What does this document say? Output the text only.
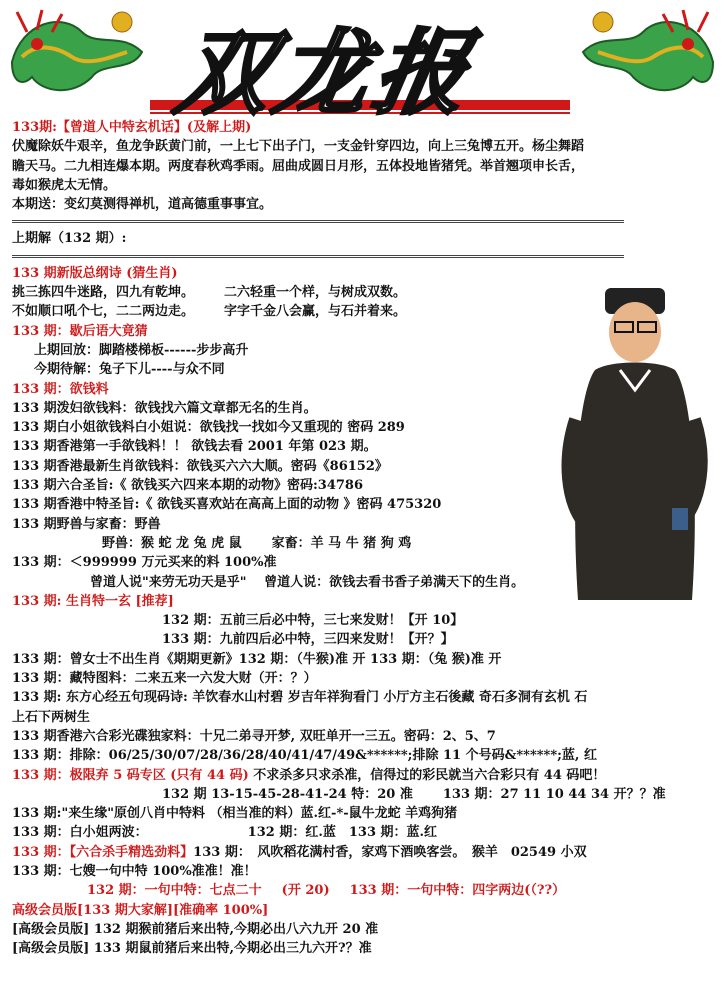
双龙报
133期:【曾道人中特玄机话】(及解上期)
伏魔除妖牛艰辛，鱼龙争跃黄门前，一上七下出子门，一支金针穿四边，向上三兔博五开。杨尘舞蹈
瞻天马。二九相连爆本期。两度春秋鸡季雨。屈曲成圆日月形，五体投地皆猪凭。举首翘项申长舌，
毒如猴虎太无情。
本期送：变幻莫测得禅机，道高德重事事宜。
上期解（132 期）:
133 期新版总纲诗 (猜生肖)
挑三拣四牛迷路，四九有乾坤。 二六轻重一个样，与树成双数。
不如顺口吼个七，二二两边走。 字字千金八会赢，与石并着来。
133 期：歇后语大竟猜
上期回放：脚踏楼梯板------步步高升
今期待解：兔子下儿----与众不同
133 期：欲钱料
133 期泼妇欲钱料：欲钱找六篇文章都无名的生肖。
133 期白小姐欲钱料白小姐说：欲钱找一找如今又重现的 密码 289
133 期香港第一手欲钱料！！ 欲钱去看 2001 年第 023 期。
133 期香港最新生肖欲钱料：欲钱买六六大顺。密码《86152》
133 期六合圣旨:《 欲钱买六四来本期的动物》密码:34786
133 期香港中特圣旨:《 欲钱买喜欢站在高高上面的动物 》密码 475320
133 期野兽与家畜：野兽
野兽：猴 蛇 龙 兔 虎 鼠 家畜：羊 马 牛 猪 狗 鸡
133 期：＜999999 万元买来的料 100%准
曾道人说"来劳无功天是乎"　 曾道人说：欲钱去看书香子弟满天下的生肖。
133 期: 生肖特一玄 [推荐]
132 期：五前三后必中特，三七来发财！【开 10】
133 期：九前四后必中特，三四来发财！【开？】
133 期：曾女士不出生肖《期期更新》132 期：（牛猴)准 开 133 期：（兔 猴)准 开
133 期：藏特图料：二来五来一六发大财（开：？）
133 期: 东方心经五句现码诗: 羊饮春水山村碧 岁吉年祥狗看门 小厅方主石後藏 奇石多洞有玄机 石
上石下两树生
133 期香港六合彩光碟独家料：十兄二弟寻开梦, 双旺单开一三五。密码：2、5、7
133 期：排除：06/25/30/07/28/36/28/40/41/47/49&******;排除 11 个号码&******;蓝, 红
133 期：极限弃 5 码专区 (只有 44 码) 不求杀多只求杀准，信得过的彩民就当六合彩只有 44 码吧！
132 期 13-15-45-28-41-24 特：20 准 133 期：27 11 10 44 34 开？？准
133 期:"来生缘"原创八肖中特料 （相当准的料）蓝.红-*-鼠牛龙蛇 羊鸡狗猪
133 期：白小姐两波：	132 期：红.蓝　133 期：蓝.红
133 期：【六合杀手精选劲料】133 期：　风吹稻花满村香，家鸡下酒唤客尝。　猴羊　02549 小双
133 期：七嫂一句中特 100%准准！准！
132 期：一句中特：七点二十 (开 20) 133 期：一句中特：四字两边(（??）
高级会员版[133 期大家解][准确率 100%]
[高级会员版] 132 期猴前猪后来出特,今期必出八六九开 20 准
[高级会员版] 133 期鼠前猪后来出特,今期必出三九六开?？准
